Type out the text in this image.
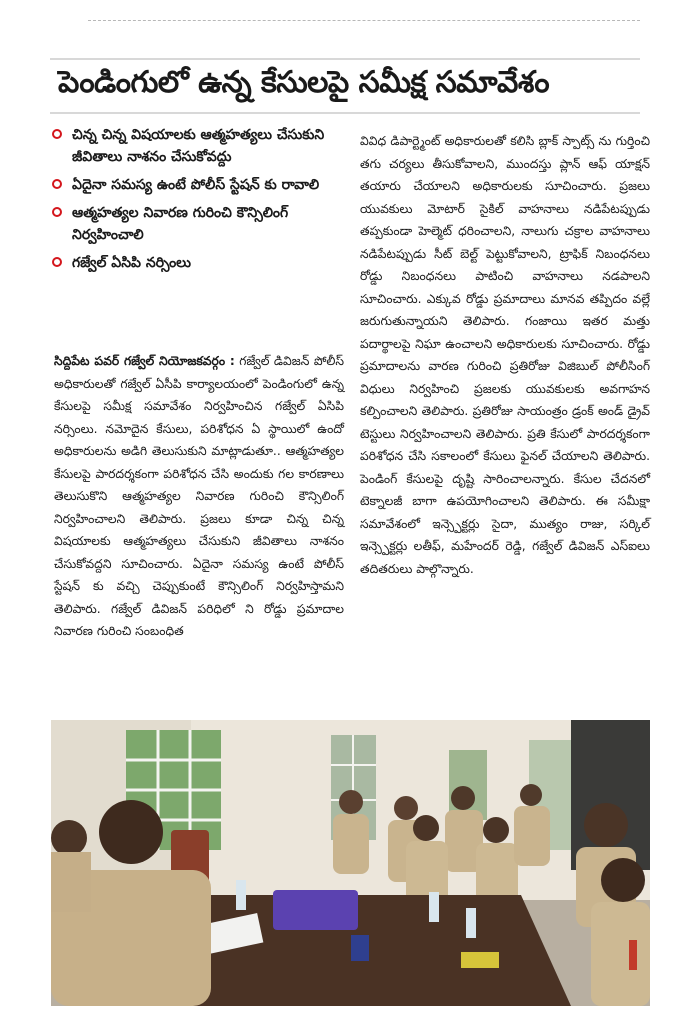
పెండింగులో ఉన్న కేసులపై సమీక్ష సమావేశం
చిన్న చిన్న విషయాలకు ఆత్మహత్యలు చేసుకుని జీవితాలు నాశనం చేసుకోవద్దు
ఏదైనా సమస్య ఉంటే పోలీస్ స్టేషన్ కు రావాలి
ఆత్మహత్యల నివారణ గురించి కౌన్సిలింగ్ నిర్వహించాలి
గజ్వేల్ ఏసిపి నర్సింలు
సిద్దిపేట పవర్ గజ్వేల్ నియోజకవర్గం : గజ్వేల్ డివిజన్ పోలీస్ అధికారులతో గజ్వేల్ ఏసీపి కార్యాలయంలో పెండింగులో ఉన్న కేసులపై సమీక్ష సమావేశం నిర్వహించిన గజ్వేల్ ఏసిపి నర్సింలు. నమోదైన కేసులు, పరిశోధన ఏ స్థాయిలో ఉందో అధికారులను అడిగి తెలుసుకుని మాట్లాడుతూ.. ఆత్మహత్యల కేసులపై పారదర్శకంగా పరిశోధన చేసి అందుకు గల కారణాలు తెలుసుకొని ఆత్మహత్యల నివారణ గురించి కౌన్సిలింగ్ నిర్వహించాలని తెలిపారు. ప్రజలు కూడా చిన్న చిన్న విషయాలకు ఆత్మహత్యలు చేసుకుని జీవితాలు నాశనం చేసుకోవద్దని సూచించారు. ఏదైనా సమస్య ఉంటే పోలీస్ స్టేషన్ కు వచ్చి చెప్పుకుంటే కౌన్సిలింగ్ నిర్వహిస్తామని తెలిపారు. గజ్వేల్ డివిజన్ పరిధిలో ని రోడ్డు ప్రమాదాల నివారణ గురించి సంబంధిత
వివిధ డిపార్ట్మెంట్ అధికారులతో కలిసి బ్లాక్ స్పాట్స్ ను గుర్తించి తగు చర్యలు తీసుకోవాలని, ముందస్తు ప్లాన్ ఆఫ్ యాక్షన్ తయారు చేయాలని అధికారులకు సూచించారు. ప్రజలు యువకులు మోటార్ సైకిల్ వాహనాలు నడిపేటప్పుడు తప్పకుండా హెల్మెట్ ధరించాలని, నాలుగు చక్రాల వాహనాలు నడిపేటప్పుడు సీట్ బెల్ట్ పెట్టుకోవాలని, ట్రాఫిక్ నిబంధనలు రోడ్డు నిబంధనలు పాటించి వాహనాలు నడపాలని సూచించారు. ఎక్కువ రోడ్డు ప్రమాదాలు మానవ తప్పిదం వల్లే జరుగుతున్నాయని తెలిపారు. గంజాయి ఇతర మత్తు పదార్థాలపై నిఘా ఉంచాలని అధికారులకు సూచించారు. రోడ్డు ప్రమాదాలను వారణ గురించి ప్రతిరోజు విజిబుల్ పోలీసింగ్ విధులు నిర్వహించి ప్రజలకు యువకులకు అవగాహన కల్పించాలని తెలిపారు. ప్రతిరోజు సాయంత్రం డ్రంక్ అండ్ డ్రైవ్ టెస్టులు నిర్వహించాలని తెలిపారు. ప్రతి కేసులో పారదర్శకంగా పరిశోధన చేసి సకాలంలో కేసులు ఫైనల్ చేయాలని తెలిపారు. పెండింగ్ కేసులపై దృష్టి సారించాలన్నారు. కేసుల చేదనలో టెక్నాలజీ బాగా ఉపయోగించాలని తెలిపారు. ఈ సమీక్షా సమావేశంలో ఇన్స్పెక్టర్లు సైదా, ముత్యం రాజు, సర్కిల్ ఇన్స్పెక్టర్లు లతీఫ్, మహేందర్ రెడ్డి, గజ్వేల్ డివిజన్ ఎస్ఐలు తదితరులు పాల్గొన్నారు.
